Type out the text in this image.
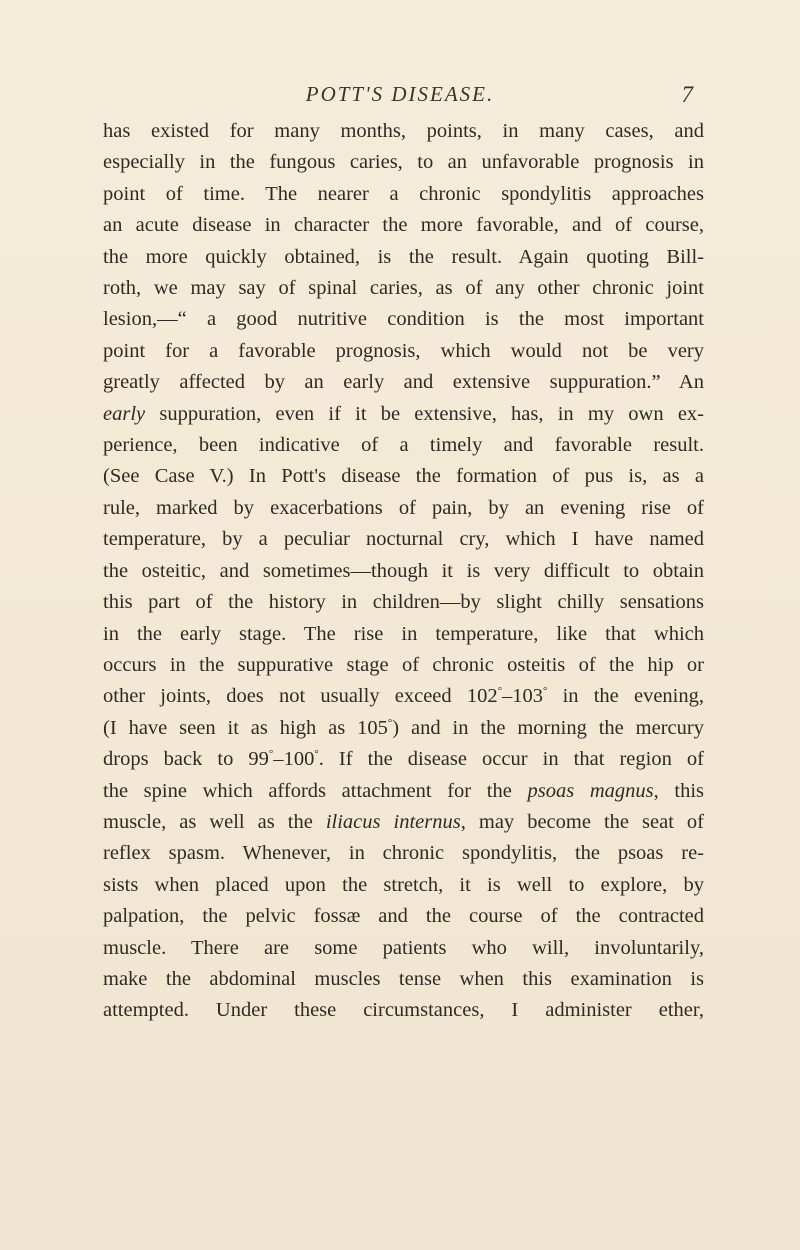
POTT'S DISEASE.	7
has existed for many months, points, in many cases, and
especially in the fungous caries, to an unfavorable prognosis in
point of time. The nearer a chronic spondylitis approaches
an acute disease in character the more favorable, and of course,
the more quickly obtained, is the result. Again quoting Bill-
roth, we may say of spinal caries, as of any other chronic joint
lesion,—“ a good nutritive condition is the most important
point for a favorable prognosis, which would not be very
greatly affected by an early and extensive suppuration.” An
early suppuration, even if it be extensive, has, in my own ex-
perience, been indicative of a timely and favorable result.
(See Case V.) In Pott's disease the formation of pus is, as a
rule, marked by exacerbations of pain, by an evening rise of
temperature, by a peculiar nocturnal cry, which I have named
the osteitic, and sometimes—though it is very difficult to obtain
this part of the history in children—by slight chilly sensations
in the early stage. The rise in temperature, like that which
occurs in the suppurative stage of chronic osteitis of the hip or
other joints, does not usually exceed 102°–103° in the evening,
(I have seen it as high as 105°) and in the morning the mercury
drops back to 99°–100°. If the disease occur in that region of
the spine which affords attachment for the psoas magnus, this
muscle, as well as the iliacus internus, may become the seat of
reflex spasm. Whenever, in chronic spondylitis, the psoas re-
sists when placed upon the stretch, it is well to explore, by
palpation, the pelvic fossæ and the course of the contracted
muscle. There are some patients who will, involuntarily,
make the abdominal muscles tense when this examination is
attempted. Under these circumstances, I administer ether,
